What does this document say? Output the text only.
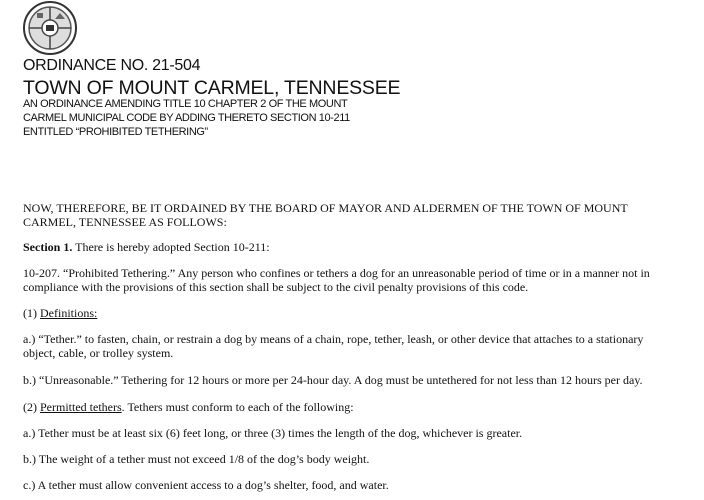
ORDINANCE NO. 21-504
TOWN OF MOUNT CARMEL, TENNESSEE
AN ORDINANCE AMENDING TITLE 10 CHAPTER 2 OF THE MOUNT CARMEL MUNICIPAL CODE BY ADDING THERETO SECTION 10-211 ENTITLED “PROHIBITED TETHERING”

NOW, THEREFORE, BE IT ORDAINED BY THE BOARD OF MAYOR AND ALDERMEN OF THE TOWN OF MOUNT CARMEL, TENNESSEE AS FOLLOWS:

Section 1. There is hereby adopted Section 10-211:

10-207. “Prohibited Tethering.” Any person who confines or tethers a dog for an unreasonable period of time or in a manner not in compliance with the provisions of this section shall be subject to the civil penalty provisions of this code.

(1) Definitions:

a.) “Tether.” to fasten, chain, or restrain a dog by means of a chain, rope, tether, leash, or other device that attaches to a stationary object, cable, or trolley system.

b.) “Unreasonable.” Tethering for 12 hours or more per 24-hour day. A dog must be untethered for not less than 12 hours per day.

(2) Permitted tethers. Tethers must conform to each of the following:

a.) Tether must be at least six (6) feet long, or three (3) times the length of the dog, whichever is greater.

b.) The weight of a tether must not exceed 1/8 of the dog’s body weight.

c.) A tether must allow convenient access to a dog’s shelter, food, and water.
